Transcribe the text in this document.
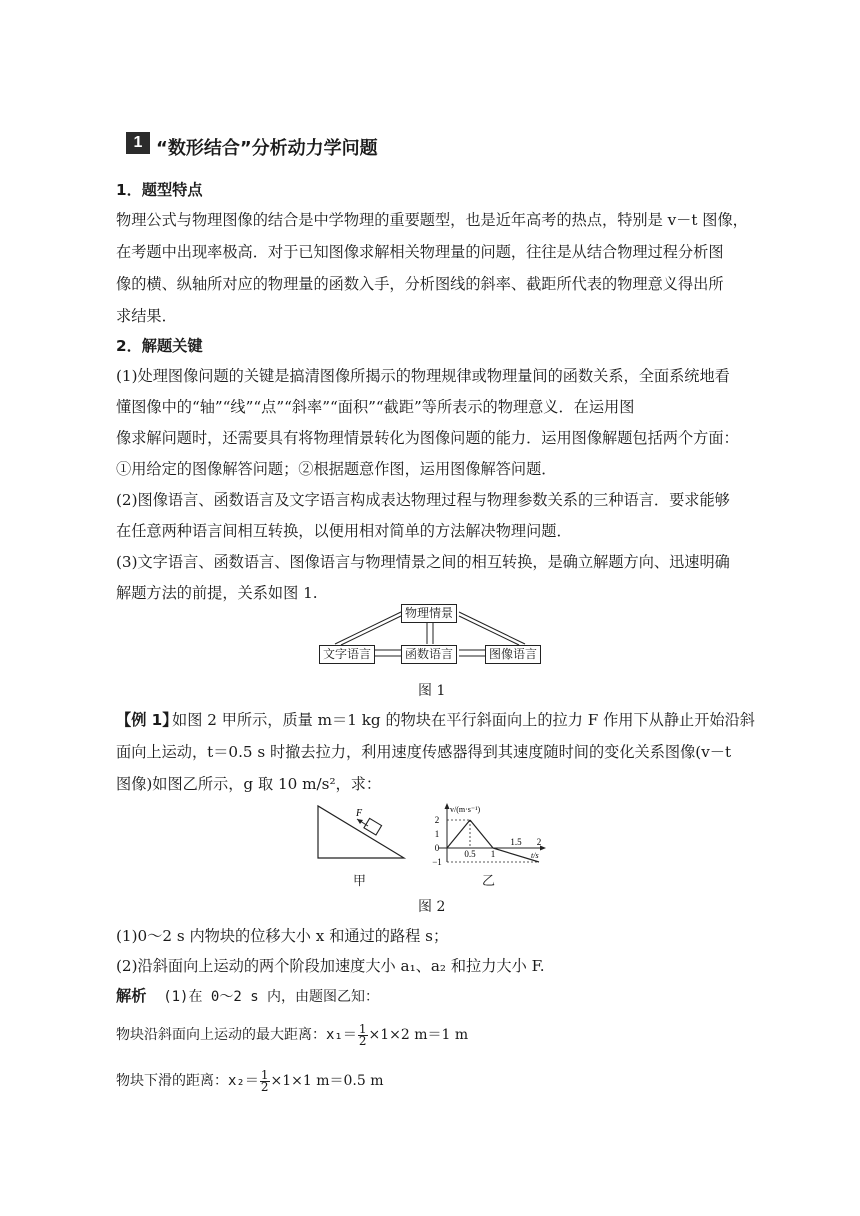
1 “数形结合”分析动力学问题
1．题型特点
物理公式与物理图像的结合是中学物理的重要题型，也是近年高考的热点，特别是 v－t 图像，
在考题中出现率极高．对于已知图像求解相关物理量的问题，往往是从结合物理过程分析图
像的横、纵轴所对应的物理量的函数入手，分析图线的斜率、截距所代表的物理意义得出所
求结果．
2．解题关键
(1)处理图像问题的关键是搞清图像所揭示的物理规律或物理量间的函数关系，全面系统地看
懂图像中的“轴”“线”“点”“斜率”“面积”“截距”等所表示的物理意义．在运用图
像求解问题时，还需要具有将物理情景转化为图像问题的能力．运用图像解题包括两个方面：
①用给定的图像解答问题；②根据题意作图，运用图像解答问题．
(2)图像语言、函数语言及文字语言构成表达物理过程与物理参数关系的三种语言．要求能够
在任意两种语言间相互转换，以便用相对简单的方法解决物理问题．
(3)文字语言、函数语言、图像语言与物理情景之间的相互转换，是确立解题方向、迅速明确
解题方法的前提，关系如图 1.
物理情景
文字语言	函数语言	图像语言
图 1
【例 1】
如图 2 甲所示，质量 m＝1 kg 的物块在平行斜面向上的拉力 F 作用下从静止开始沿斜
面向上运动，t＝0.5 s 时撤去拉力，利用速度传感器得到其速度随时间的变化关系图像(v－t
图像)如图乙所示，g 取 10 m/s²，求：
F
甲
v/(m·s⁻¹)
t/s
2
1
0
−1
0.5 1
1.5 2
乙
图 2
(1)0～2 s 内物块的位移大小 x 和通过的路程 s；
(2)沿斜面向上运动的两个阶段加速度大小 a₁、a₂ 和拉力大小 F.
解析 (1)在 0～2 s 内，由题图乙知：
物块沿斜面向上运动的最大距离：$x_1= \frac{1}{2} \times 1\times 2$ m＝1 m
物块下滑的距离：$x_2= \frac{1}{2} \times 1\times 1$ m＝0.5 m
